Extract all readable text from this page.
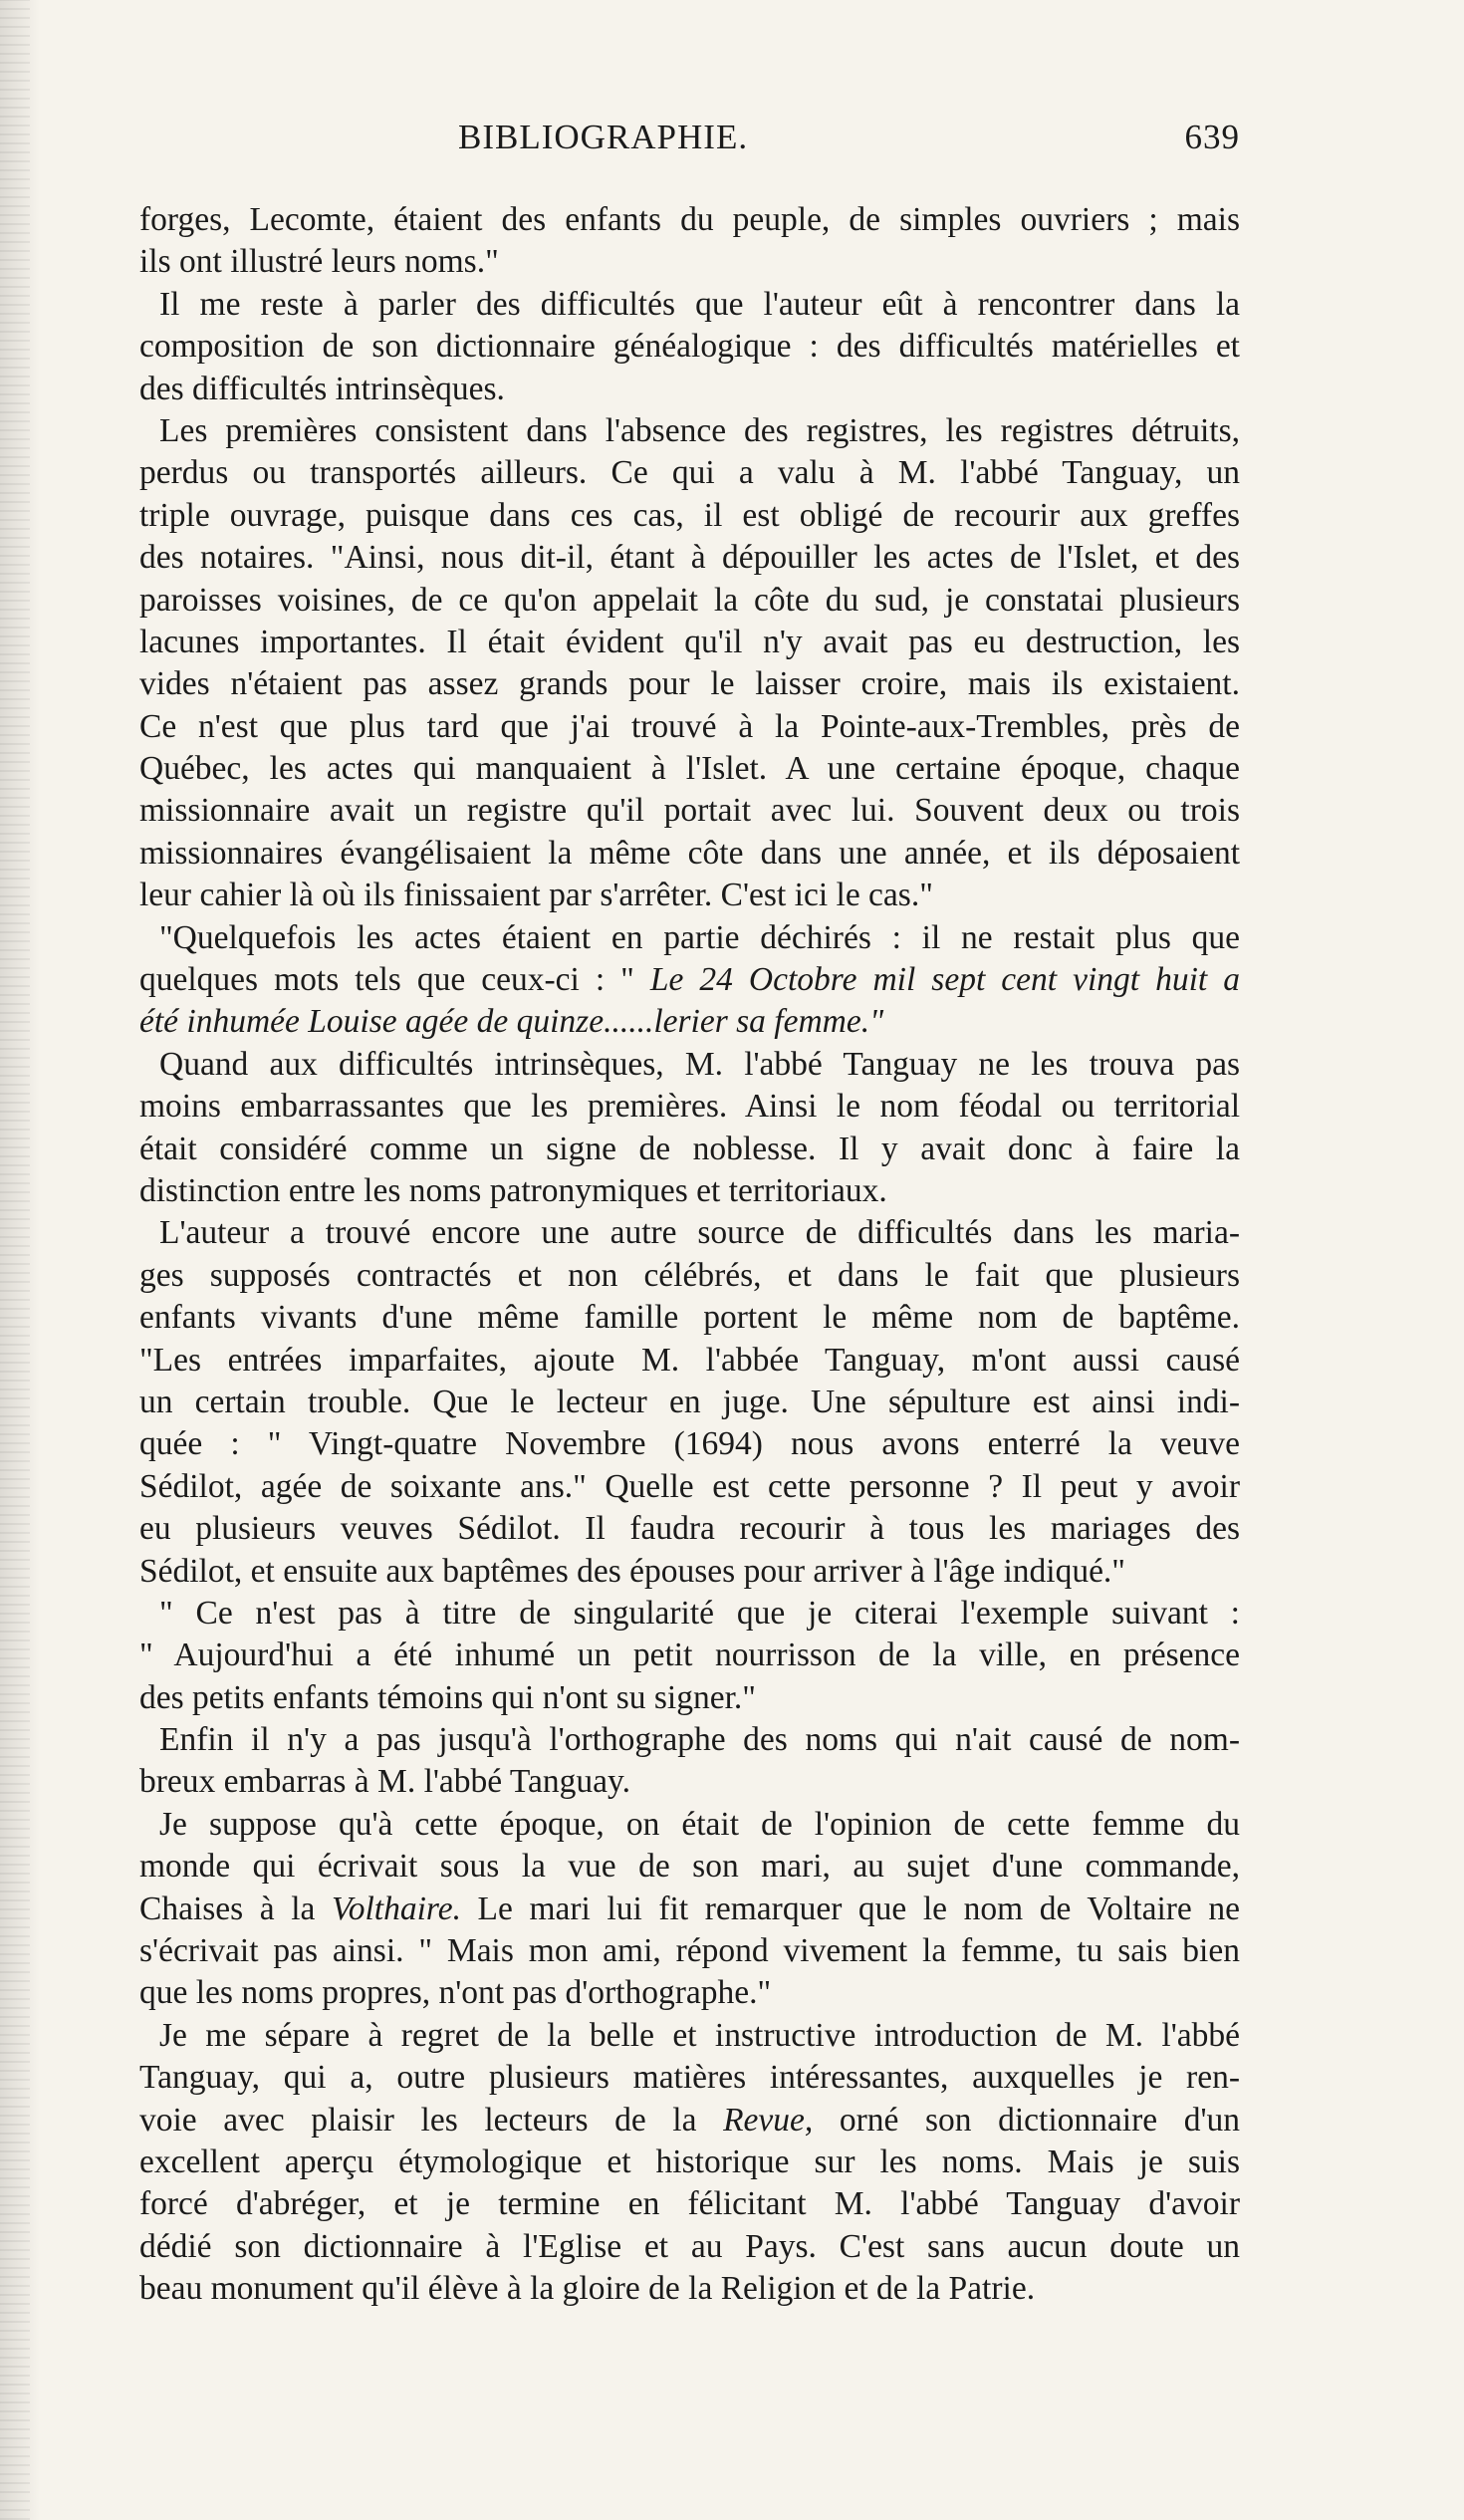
BIBLIOGRAPHIE.	639
forges, Lecomte, étaient des enfants du peuple, de simples ouvriers ; mais
ils ont illustré leurs noms."
Il me reste à parler des difficultés que l'auteur eût à rencontrer dans la
composition de son dictionnaire généalogique : des difficultés matérielles et
des difficultés intrinsèques.
Les premières consistent dans l'absence des registres, les registres détruits,
perdus ou transportés ailleurs. Ce qui a valu à M. l'abbé Tanguay, un
triple ouvrage, puisque dans ces cas, il est obligé de recourir aux greffes
des notaires. "Ainsi, nous dit-il, étant à dépouiller les actes de l'Islet, et des
paroisses voisines, de ce qu'on appelait la côte du sud, je constatai plusieurs
lacunes importantes. Il était évident qu'il n'y avait pas eu destruction, les
vides n'étaient pas assez grands pour le laisser croire, mais ils existaient.
Ce n'est que plus tard que j'ai trouvé à la Pointe-aux-Trembles, près de
Québec, les actes qui manquaient à l'Islet. A une certaine époque, chaque
missionnaire avait un registre qu'il portait avec lui. Souvent deux ou trois
missionnaires évangélisaient la même côte dans une année, et ils déposaient
leur cahier là où ils finissaient par s'arrêter. C'est ici le cas."
"Quelquefois les actes étaient en partie déchirés : il ne restait plus que
quelques mots tels que ceux-ci : " Le 24 Octobre mil sept cent vingt huit a
été inhumée Louise agée de quinze......lerier sa femme."
Quand aux difficultés intrinsèques, M. l'abbé Tanguay ne les trouva pas
moins embarrassantes que les premières. Ainsi le nom féodal ou territorial
était considéré comme un signe de noblesse. Il y avait donc à faire la
distinction entre les noms patronymiques et territoriaux.
L'auteur a trouvé encore une autre source de difficultés dans les maria-
ges supposés contractés et non célébrés, et dans le fait que plusieurs
enfants vivants d'une même famille portent le même nom de baptême.
"Les entrées imparfaites, ajoute M. l'abbée Tanguay, m'ont aussi causé
un certain trouble. Que le lecteur en juge. Une sépulture est ainsi indi-
quée : " Vingt-quatre Novembre (1694) nous avons enterré la veuve
Sédilot, agée de soixante ans." Quelle est cette personne ? Il peut y avoir
eu plusieurs veuves Sédilot. Il faudra recourir à tous les mariages des
Sédilot, et ensuite aux baptêmes des épouses pour arriver à l'âge indiqué."
" Ce n'est pas à titre de singularité que je citerai l'exemple suivant :
" Aujourd'hui a été inhumé un petit nourrisson de la ville, en présence
des petits enfants témoins qui n'ont su signer."
Enfin il n'y a pas jusqu'à l'orthographe des noms qui n'ait causé de nom-
breux embarras à M. l'abbé Tanguay.
Je suppose qu'à cette époque, on était de l'opinion de cette femme du
monde qui écrivait sous la vue de son mari, au sujet d'une commande,
Chaises à la Volthaire. Le mari lui fit remarquer que le nom de Voltaire ne
s'écrivait pas ainsi. " Mais mon ami, répond vivement la femme, tu sais bien
que les noms propres, n'ont pas d'orthographe."
Je me sépare à regret de la belle et instructive introduction de M. l'abbé
Tanguay, qui a, outre plusieurs matières intéressantes, auxquelles je ren-
voie avec plaisir les lecteurs de la Revue, orné son dictionnaire d'un
excellent aperçu étymologique et historique sur les noms. Mais je suis
forcé d'abréger, et je termine en félicitant M. l'abbé Tanguay d'avoir
dédié son dictionnaire à l'Eglise et au Pays. C'est sans aucun doute un
beau monument qu'il élève à la gloire de la Religion et de la Patrie.
